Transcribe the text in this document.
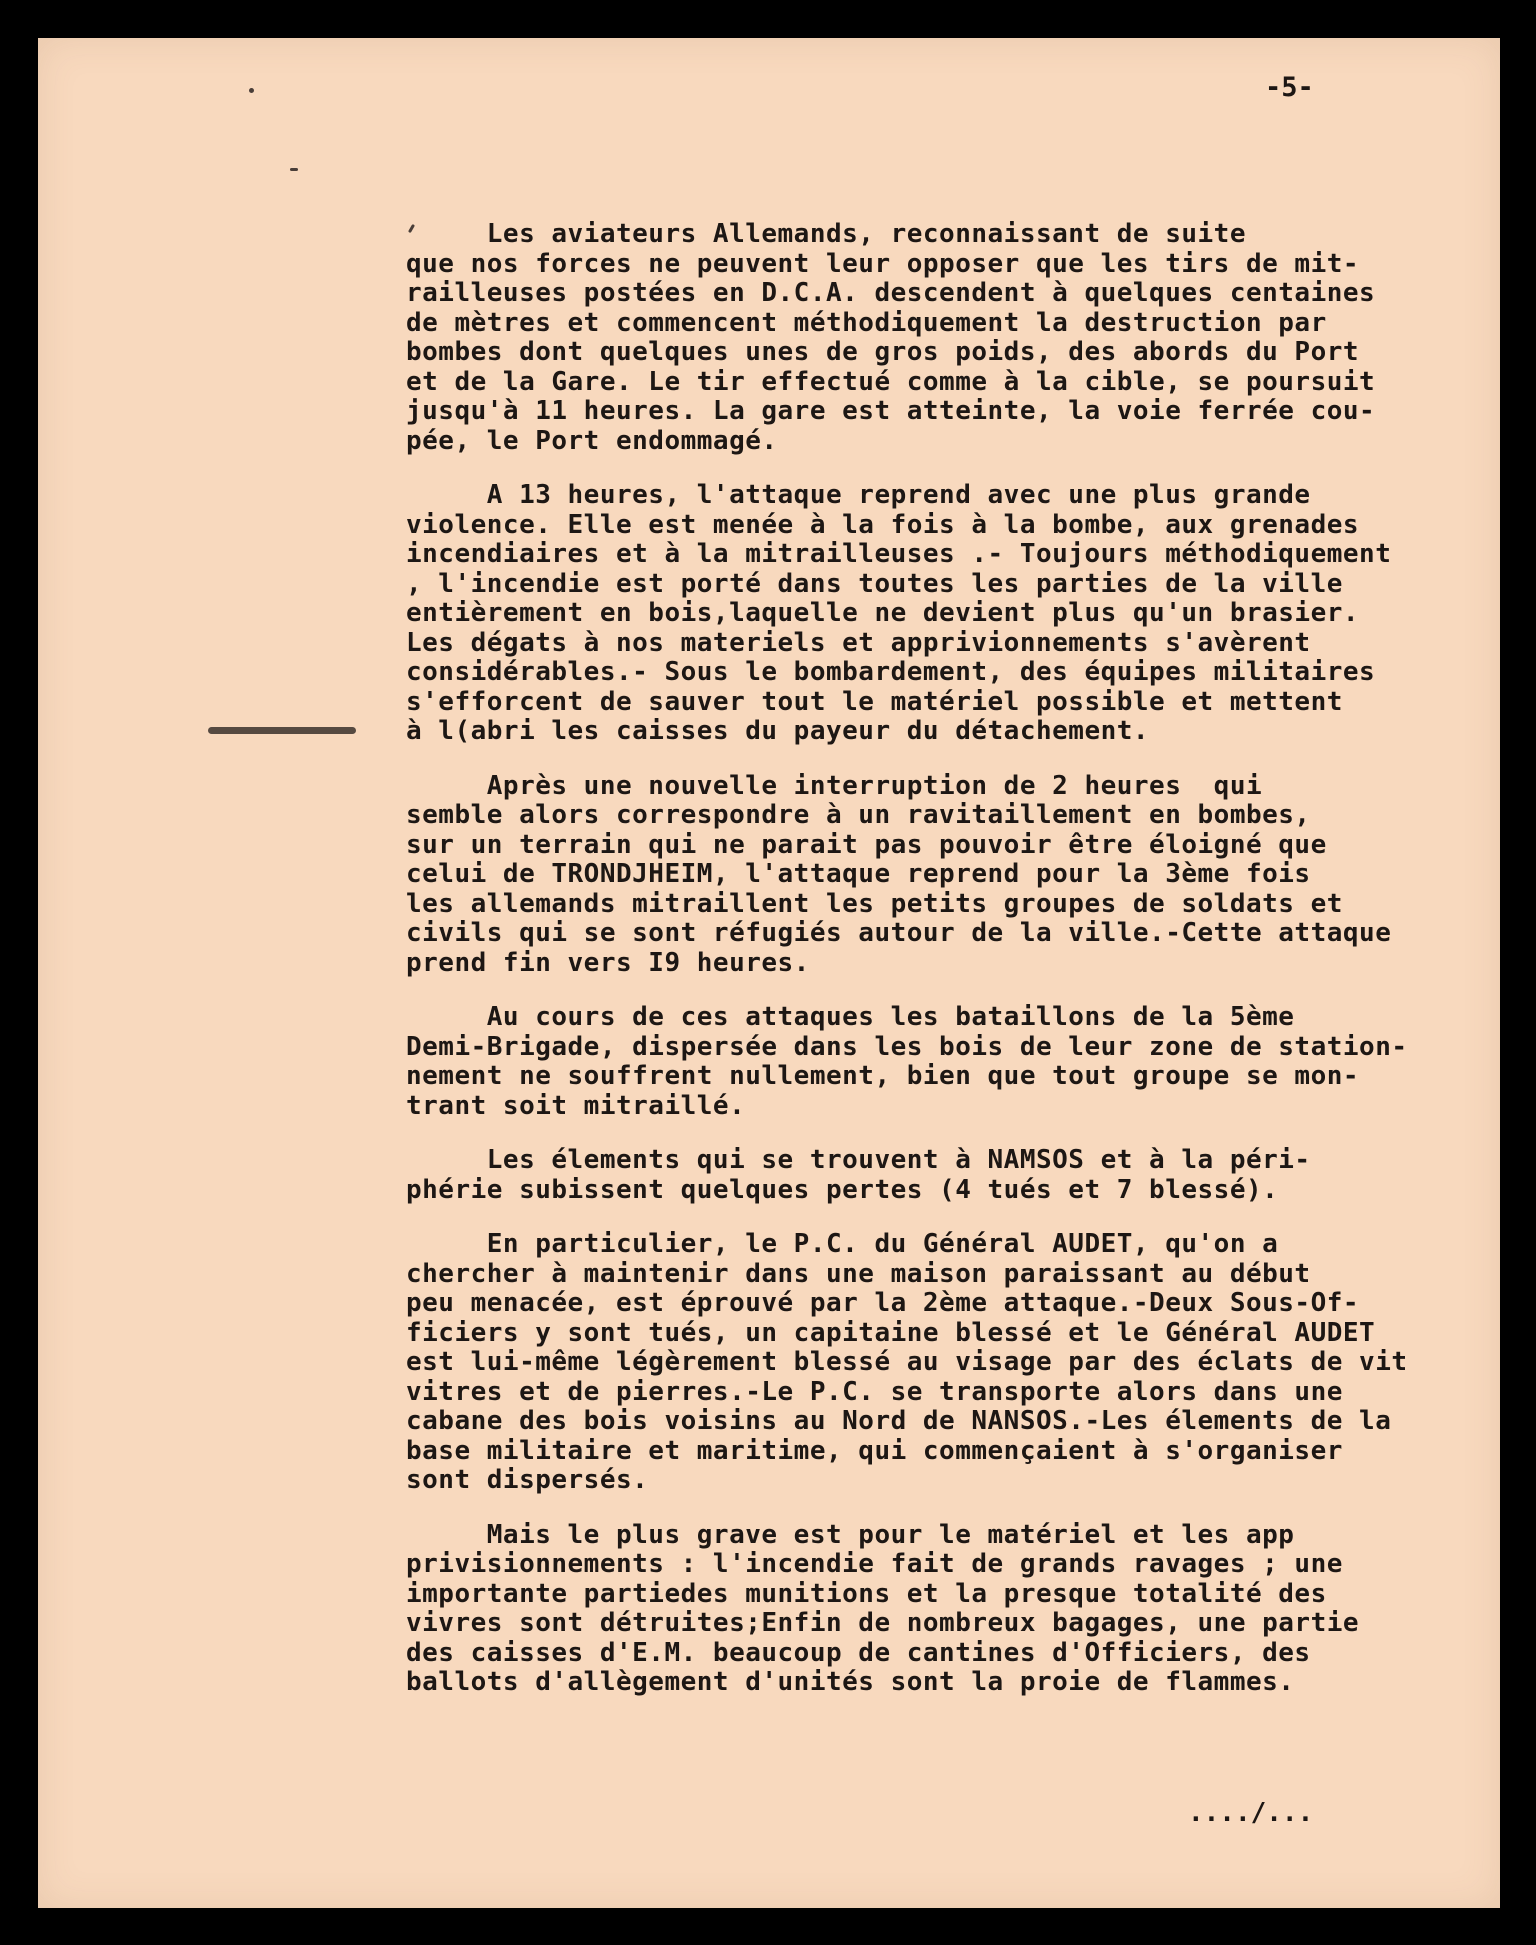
-5-
Les aviateurs Allemands, reconnaissant de suite
que nos forces ne peuvent leur opposer que les tirs de mit-
railleuses postées en D.C.A. descendent à quelques centaines
de mètres et commencent méthodiquement la destruction par
bombes dont quelques unes de gros poids, des abords du Port
et de la Gare. Le tir effectué comme à la cible, se poursuit
jusqu'à 11 heures. La gare est atteinte, la voie ferrée cou-
pée, le Port endommagé.
A 13 heures, l'attaque reprend avec une plus grande
violence. Elle est menée à la fois à la bombe, aux grenades
incendiaires et à la mitrailleuses .- Toujours méthodiquement
, l'incendie est porté dans toutes les parties de la ville
entièrement en bois,laquelle ne devient plus qu'un brasier.
Les dégats à nos materiels et apprivionnements s'avèrent
considérables.- Sous le bombardement, des équipes militaires
s'efforcent de sauver tout le matériel possible et mettent
à l(abri les caisses du payeur du détachement.
Après une nouvelle interruption de 2 heures  qui
semble alors correspondre à un ravitaillement en bombes,
sur un terrain qui ne parait pas pouvoir être éloigné que
celui de TRONDJHEIM, l'attaque reprend pour la 3ème fois
les allemands mitraillent les petits groupes de soldats et
civils qui se sont réfugiés autour de la ville.-Cette attaque
prend fin vers I9 heures.
Au cours de ces attaques les bataillons de la 5ème
Demi-Brigade, dispersée dans les bois de leur zone de station-
nement ne souffrent nullement, bien que tout groupe se mon-
trant soit mitraillé.
Les élements qui se trouvent à NAMSOS et à la péri-
phérie subissent quelques pertes (4 tués et 7 blessé).
En particulier, le P.C. du Général AUDET, qu'on a
chercher à maintenir dans une maison paraissant au début
peu menacée, est éprouvé par la 2ème attaque.-Deux Sous-Of-
ficiers y sont tués, un capitaine blessé et le Général AUDET
est lui-même légèrement blessé au visage par des éclats de vit
vitres et de pierres.-Le P.C. se transporte alors dans une
cabane des bois voisins au Nord de NANSOS.-Les élements de la
base militaire et maritime, qui commençaient à s'organiser
sont dispersés.
Mais le plus grave est pour le matériel et les app
privisionnements : l'incendie fait de grands ravages ; une
importante partiedes munitions et la presque totalité des
vivres sont détruites;Enfin de nombreux bagages, une partie
des caisses d'E.M. beaucoup de cantines d'Officiers, des
ballots d'allègement d'unités sont la proie de flammes.
..../...
